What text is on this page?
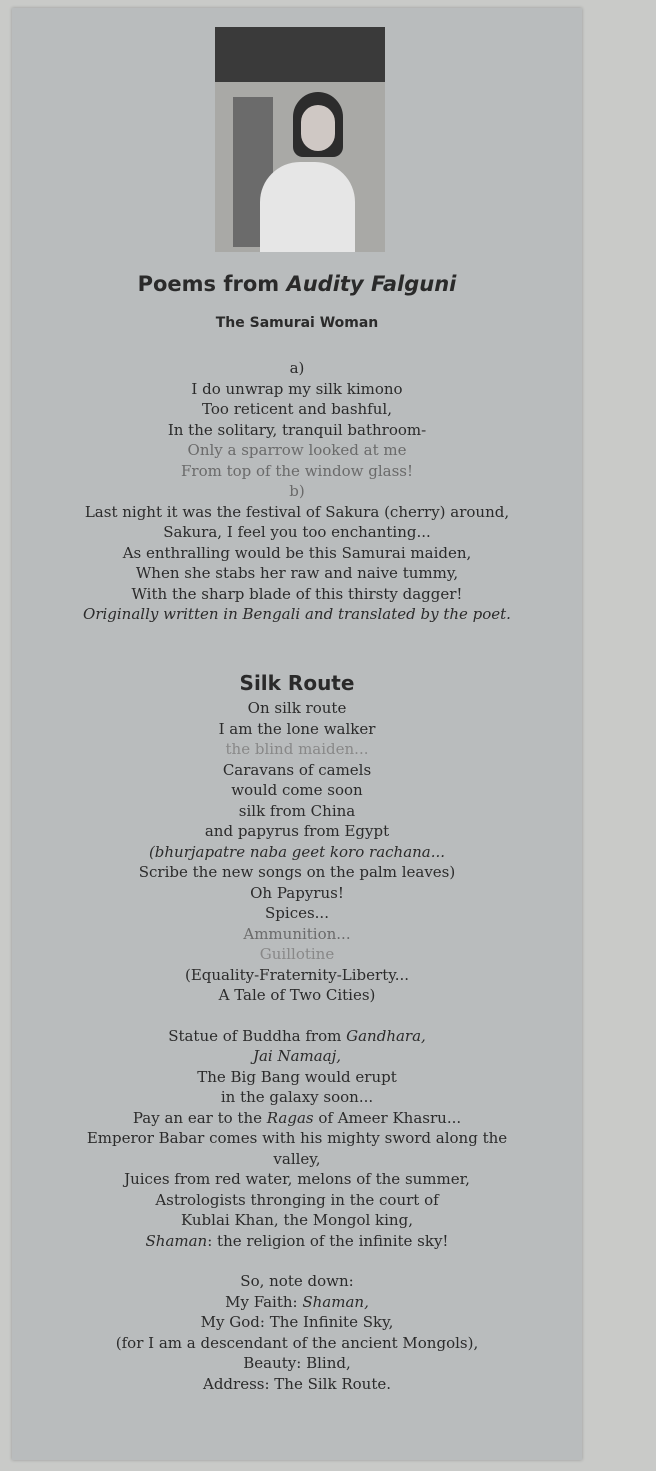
Poems from Audity Falguni
The Samurai Woman
a)
I do unwrap my silk kimono
Too reticent and bashful,
In the solitary, tranquil bathroom-
Only a sparrow looked at me
From top of the window glass!
b)
Last night it was the festival of Sakura (cherry) around,
Sakura, I feel you too enchanting...
As enthralling would be this Samurai maiden,
When she stabs her raw and naive tummy,
With the sharp blade of this thirsty dagger!
Originally written in Bengali and translated by the poet.
Silk Route
On silk route
I am the lone walker
the blind maiden...
Caravans of camels
would come soon
silk from China
and papyrus from Egypt
(bhurjapatre naba geet koro rachana...
Scribe the new songs on the palm leaves)
Oh Papyrus!
Spices...
Ammunition...
Guillotine
(Equality-Fraternity-Liberty...
A Tale of Two Cities)
Statue of Buddha from Gandhara,
Jai Namaaj,
The Big Bang would erupt
in the galaxy soon...
Pay an ear to the Ragas of Ameer Khasru...
Emperor Babar comes with his mighty sword along the
valley,
Juices from red water, melons of the summer,
Astrologists thronging in the court of
Kublai Khan, the Mongol king,
Shaman: the religion of the infinite sky!
So, note down:
My Faith: Shaman,
My God: The Infinite Sky,
(for I am a descendant of the ancient Mongols),
Beauty: Blind,
Address: The Silk Route.
